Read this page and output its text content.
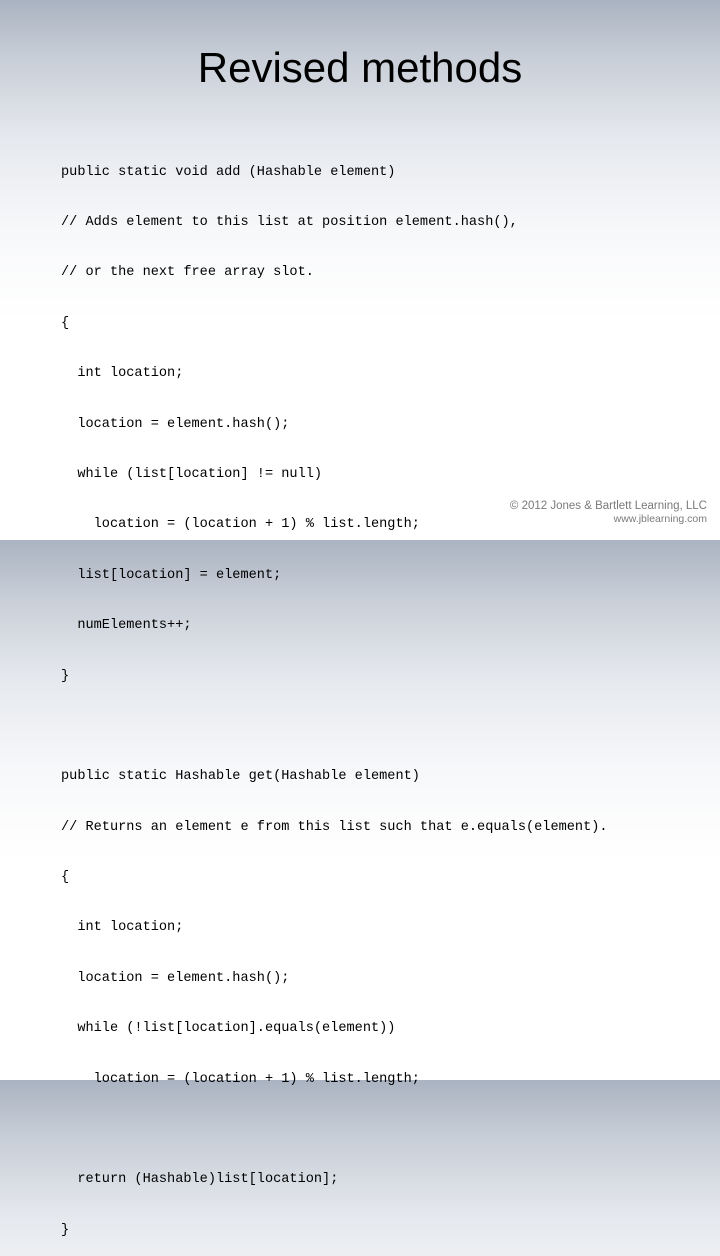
Revised methods

public static void add (Hashable element)

// Adds element to this list at position element.hash(),

// or the next free array slot.

{

int location;

location = element.hash();

while (list[location] != null)

location = (location + 1) % list.length;

list[location] = element;

numElements++;

}

public static Hashable get(Hashable element)

// Returns an element e from this list such that e.equals(element).

{

int location;

location = element.hash();

while (!list[location].equals(element))

location = (location + 1) % list.length;

return (Hashable)list[location];

}

© 2012 Jones & Bartlett Learning, LLC
www.jblearning.com
